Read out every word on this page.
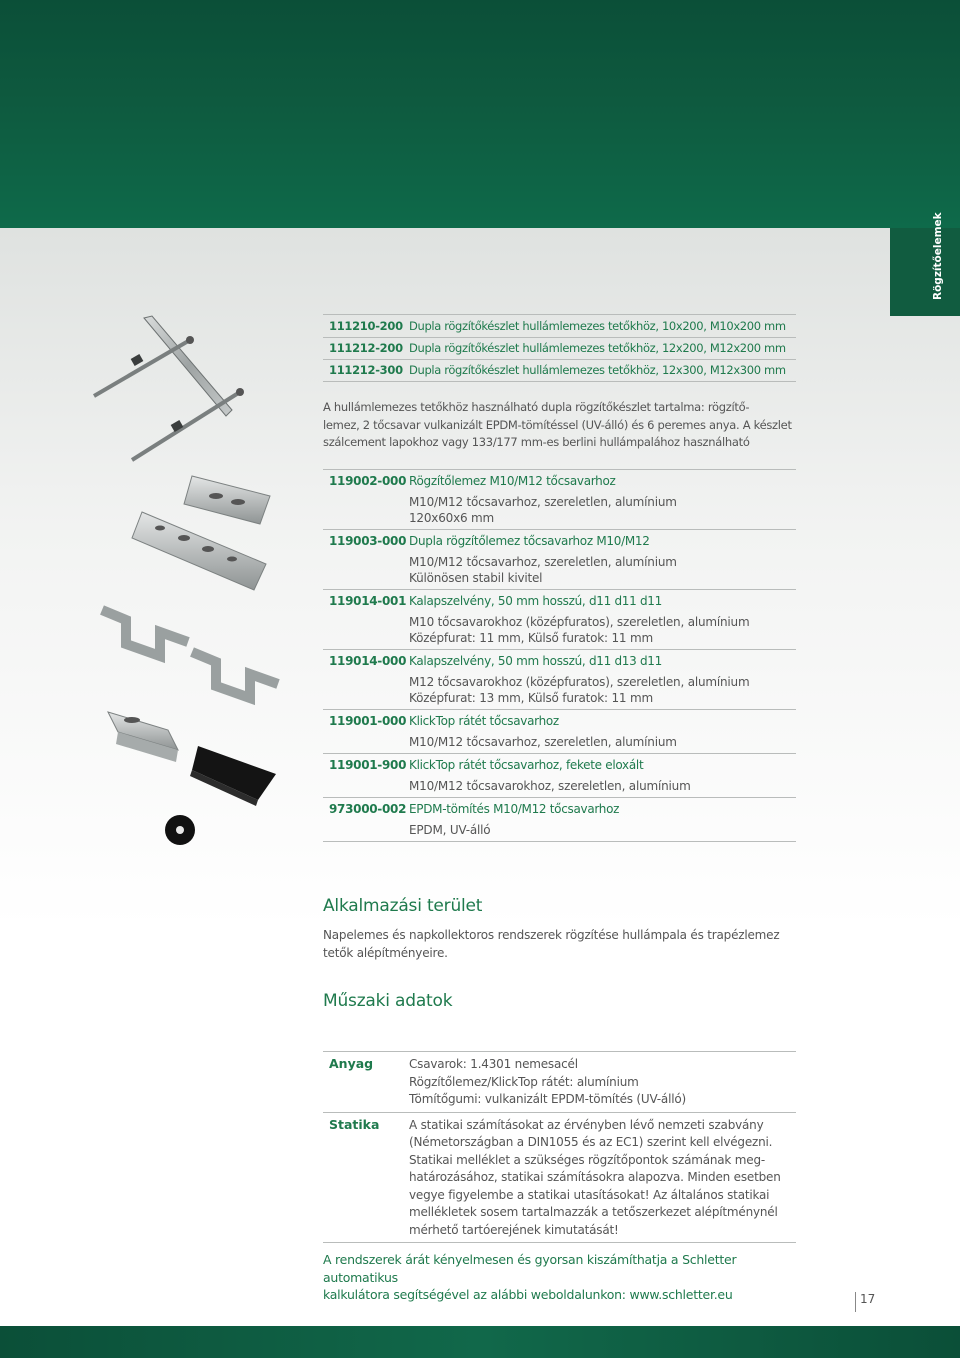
Rögzítőelemek
111210-200 Dupla rögzítőkészlet hullámlemezes tetőkhöz, 10x200, M10x200 mm
111212-200 Dupla rögzítőkészlet hullámlemezes tetőkhöz, 12x200, M12x200 mm
111212-300 Dupla rögzítőkészlet hullámlemezes tetőkhöz, 12x300, M12x300 mm
A hullámlemezes tetőkhöz használható dupla rögzítőkészlet tartalma: rögzítő-
lemez, 2 tőcsavar vulkanizált EPDM-tömítéssel (UV-álló) és 6 peremes anya. A készlet
szálcement lapokhoz vagy 133/177 mm-es berlini hullámpalához használható
119002-000 Rögzítőlemez M10/M12 tőcsavarhoz
M10/M12 tőcsavarhoz, szereletlen, alumínium
120x60x6 mm
119003-000 Dupla rögzítőlemez tőcsavarhoz M10/M12
M10/M12 tőcsavarhoz, szereletlen, alumínium
Különösen stabil kivitel
119014-001 Kalapszelvény, 50 mm hosszú, d11 d11 d11
M10 tőcsavarokhoz (középfuratos), szereletlen, alumínium
Középfurat: 11 mm, Külső furatok: 11 mm
119014-000 Kalapszelvény, 50 mm hosszú, d11 d13 d11
M12 tőcsavarokhoz (középfuratos), szereletlen, alumínium
Középfurat: 13 mm, Külső furatok: 11 mm
119001-000 KlickTop rátét tőcsavarhoz
M10/M12 tőcsavarhoz, szereletlen, alumínium
119001-900 KlickTop rátét tőcsavarhoz, fekete eloxált
M10/M12 tőcsavarokhoz, szereletlen, alumínium
973000-002 EPDM-tömítés M10/M12 tőcsavarhoz
EPDM, UV-álló
Alkalmazási terület
Napelemes és napkollektoros rendszerek rögzítése hullámpala és trapézlemez
tetők alépítményeire.
Műszaki adatok
Anyag	Csavarok: 1.4301 nemesacél
Rögzítőlemez/KlickTop rátét: alumínium
Tömítőgumi: vulkanizált EPDM-tömítés (UV-álló)
Statika	A statikai számításokat az érvényben lévő nemzeti szabvány
(Németországban a DIN1055 és az EC1) szerint kell elvégezni.
Statikai melléklet a szükséges rögzítőpontok számának meg-
határozásához, statikai számításokra alapozva. Minden esetben
vegye figyelembe a statikai utasításokat! Az általános statikai
mellékletek sosem tartalmazzák a tetőszerkezet alépítménynél
mérhető tartóerejének kimutatását!
A rendszerek árát kényelmesen és gyorsan kiszámíthatja a Schletter automatikus
kalkulátora segítségével az alábbi weboldalunkon: www.schletter.eu	17
